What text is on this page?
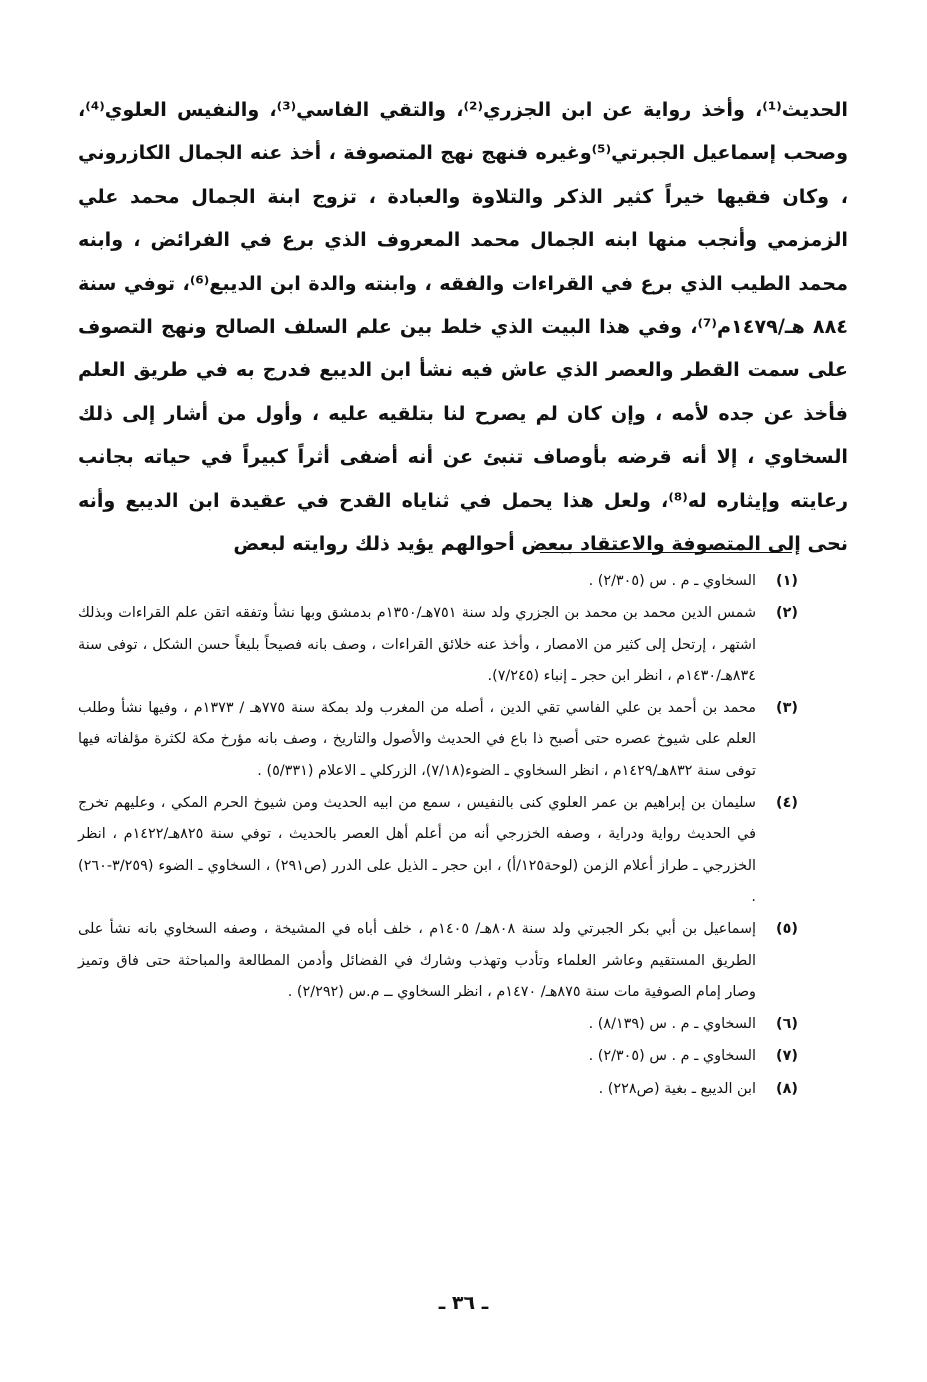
الحديث⁽¹⁾، وأخذ رواية عن ابن الجزري⁽²⁾، والتقي الفاسي⁽³⁾، والنفيس العلوي⁽⁴⁾، وصحب إسماعيل الجبرتي⁽⁵⁾وغيره فنهج نهج المتصوفة ، أخذ عنه الجمال الكازروني ، وكان فقيها خيراً كثير الذكر والتلاوة والعبادة ، تزوج ابنة الجمال محمد علي الزمزمي وأنجب منها ابنه الجمال محمد المعروف الذي برع في الفرائض ، وابنه محمد الطيب الذي برع في القراءات والفقه ، وابنته والدة ابن الديبع⁽⁶⁾، توفي سنة ٨٨٤ هـ/١٤٧٩م⁽⁷⁾، وفي هذا البيت الذي خلط بين علم السلف الصالح ونهج التصوف على سمت القطر والعصر الذي عاش فيه نشأ ابن الديبع فدرج به في طريق العلم فأخذ عن جده لأمه ، وإن كان لم يصرح لنا بتلقيه عليه ، وأول من أشار إلى ذلك السخاوي ، إلا أنه قرضه بأوصاف تنبئ عن أنه أضفى أثراً كبيراً في حياته بجانب رعايته وإيثاره له⁽⁸⁾، ولعل هذا يحمل في ثناياه القدح في عقيدة ابن الديبع وأنه نحى إلى المتصوفة والاعتقاد ببعض أحوالهم يؤيد ذلك روايته لبعض

(١)
السخاوي ـ م . س (٢/٣٠٥) .
(٢)
شمس الدين محمد بن محمد بن الجزري ولد سنة ٧٥١هـ/١٣٥٠م بدمشق وبها نشأ وتفقه اتقن علم القراءات وبذلك اشتهر ، إرتحل إلى كثير من الامصار ، وأخذ عنه خلائق القراءات ، وصف بانه فصيحاً بليغاً حسن الشكل ، توفى سنة ٨٣٤هـ/١٤٣٠م ، انظر ابن حجر ـ إنباء (٧/٢٤٥).
(٣)
محمد بن أحمد بن علي الفاسي تقي الدين ، أصله من المغرب ولد بمكة سنة ٧٧٥هـ / ١٣٧٣م ، وفيها نشأ وطلب العلم على شيوخ عصره حتى أصبح ذا باع في الحديث والأصول والتاريخ ، وصف بانه مؤرخ مكة لكثرة مؤلفاته فيها توفى سنة ٨٣٢هـ/١٤٢٩م ، انظر السخاوي ـ الضوء(٧/١٨)، الزركلي ـ الاعلام (٥/٣٣١) .
(٤)
سليمان بن إبراهيم بن عمر العلوي كنى بالنفيس ، سمع من ابيه الحديث ومن شيوخ الحرم المكي ، وعليهم تخرج في الحديث رواية ودراية ، وصفه الخزرجي أنه من أعلم أهل العصر بالحديث ، توفي سنة ٨٢٥هـ/١٤٢٢م ، انظر الخزرجي ـ طراز أعلام الزمن (لوحة١٢٥/أ) ، ابن حجر ـ الذيل على الدرر (ص٢٩١) ، السخاوي ـ الضوء (٣/٢٥٩-٢٦٠) .
(٥)
إسماعيل بن أبي بكر الجبرتي ولد سنة ٨٠٨هـ/ ١٤٠٥م ، خلف أباه في المشيخة ، وصفه السخاوي بانه نشأ على الطريق المستقيم وعاشر العلماء وتأدب وتهذب وشارك في الفضائل وأدمن المطالعة والمباحثة حتى فاق وتميز وصار إمام الصوفية مات سنة ٨٧٥هـ/ ١٤٧٠م ، انظر السخاوي ــ م.س (٢/٢٩٢) .
(٦)
السخاوي ـ م . س (٨/١٣٩) .
(٧)
السخاوي ـ م . س (٢/٣٠٥) .
(٨)
ابن الديبع ـ بغية (ص٢٢٨) .
ـ ٣٦ ـ
